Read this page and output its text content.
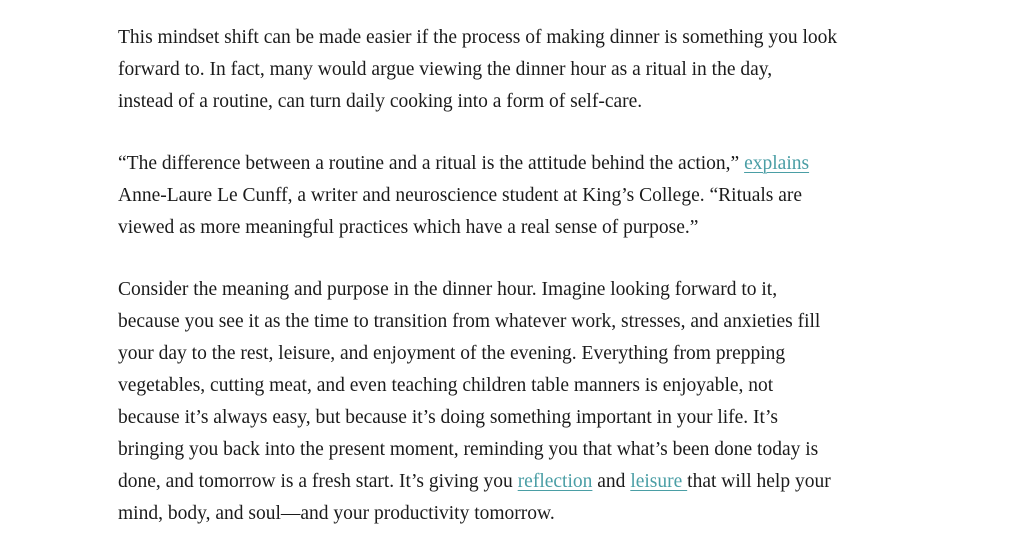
This mindset shift can be made easier if the process of making dinner is something you look
forward to. In fact, many would argue viewing the dinner hour as a ritual in the day,
instead of a routine, can turn daily cooking into a form of self-care.

“The difference between a routine and a ritual is the attitude behind the action,” explains
Anne-Laure Le Cunff, a writer and neuroscience student at King’s College. “Rituals are
viewed as more meaningful practices which have a real sense of purpose.”

Consider the meaning and purpose in the dinner hour. Imagine looking forward to it,
because you see it as the time to transition from whatever work, stresses, and anxieties fill
your day to the rest, leisure, and enjoyment of the evening. Everything from prepping
vegetables, cutting meat, and even teaching children table manners is enjoyable, not
because it’s always easy, but because it’s doing something important in your life. It’s
bringing you back into the present moment, reminding you that what’s been done today is
done, and tomorrow is a fresh start. It’s giving you reflection and leisure that will help your
mind, body, and soul—and your productivity tomorrow.
